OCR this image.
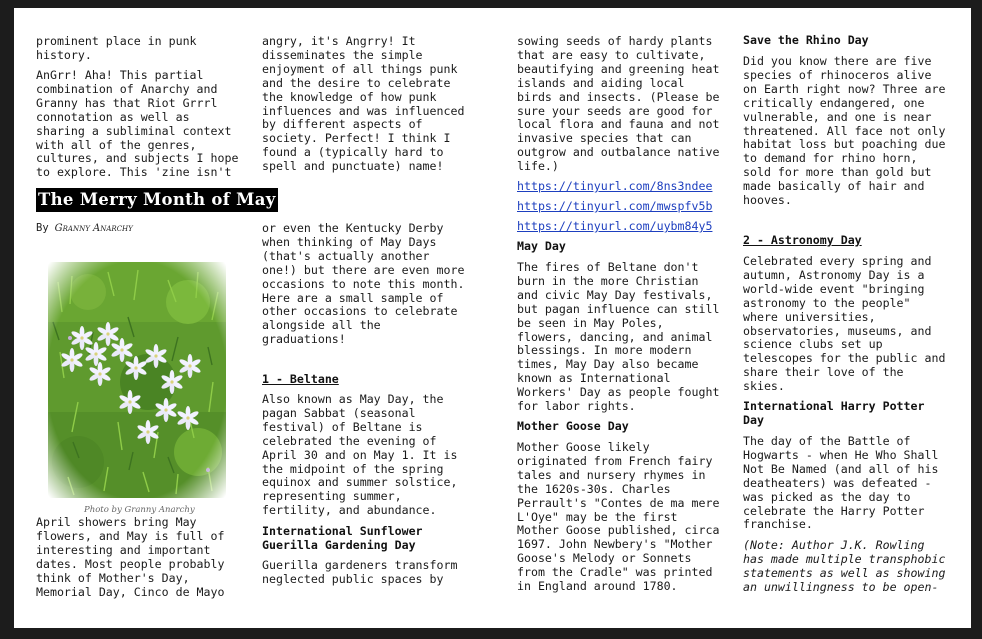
prominent place in punk
history.

AnGrr! Aha! This partial
combination of Anarchy and
Granny has that Riot Grrrl
connotation as well as
sharing a subliminal context
with all of the genres,
cultures, and subjects I hope
to explore. This 'zine isn't

The Merry Month of May
By Granny Anarchy
Photo by Granny Anarchy

April showers bring May
flowers, and May is full of
interesting and important
dates. Most people probably
think of Mother's Day,
Memorial Day, Cinco de Mayo

angry, it's Angrry! It
disseminates the simple
enjoyment of all things punk
and the desire to celebrate
the knowledge of how punk
influences and was influenced
by different aspects of
society. Perfect! I think I
found a (typically hard to
spell and punctuate) name!

or even the Kentucky Derby
when thinking of May Days
(that's actually another
one!) but there are even more
occasions to note this month.
Here are a small sample of
other occasions to celebrate
alongside all the
graduations!

1 - Beltane

Also known as May Day, the
pagan Sabbat (seasonal
festival) of Beltane is
celebrated the evening of
April 30 and on May 1. It is
the midpoint of the spring
equinox and summer solstice,
representing summer,
fertility, and abundance.

International Sunflower
Guerilla Gardening Day

Guerilla gardeners transform
neglected public spaces by

sowing seeds of hardy plants
that are easy to cultivate,
beautifying and greening heat
islands and aiding local
birds and insects. (Please be
sure your seeds are good for
local flora and fauna and not
invasive species that can
outgrow and outbalance native
life.)

https://tinyurl.com/8ns3ndee
https://tinyurl.com/mwspfv5b
https://tinyurl.com/uybm84y5

May Day

The fires of Beltane don't
burn in the more Christian
and civic May Day festivals,
but pagan influence can still
be seen in May Poles,
flowers, dancing, and animal
blessings. In more modern
times, May Day also became
known as International
Workers' Day as people fought
for labor rights.

Mother Goose Day

Mother Goose likely
originated from French fairy
tales and nursery rhymes in
the 1620s-30s. Charles
Perrault's "Contes de ma mere
L'Oye" may be the first
Mother Goose published, circa
1697. John Newbery's "Mother
Goose's Melody or Sonnets
from the Cradle" was printed
in England around 1780.

Save the Rhino Day

Did you know there are five
species of rhinoceros alive
on Earth right now? Three are
critically endangered, one
vulnerable, and one is near
threatened. All face not only
habitat loss but poaching due
to demand for rhino horn,
sold for more than gold but
made basically of hair and
hooves.

2 - Astronomy Day

Celebrated every spring and
autumn, Astronomy Day is a
world-wide event "bringing
astronomy to the people"
where universities,
observatories, museums, and
science clubs set up
telescopes for the public and
share their love of the
skies.

International Harry Potter
Day

The day of the Battle of
Hogwarts - when He Who Shall
Not Be Named (and all of his
deatheaters) was defeated -
was picked as the day to
celebrate the Harry Potter
franchise.

(Note: Author J.K. Rowling
has made multiple transphobic
statements as well as showing
an unwillingness to be open-
